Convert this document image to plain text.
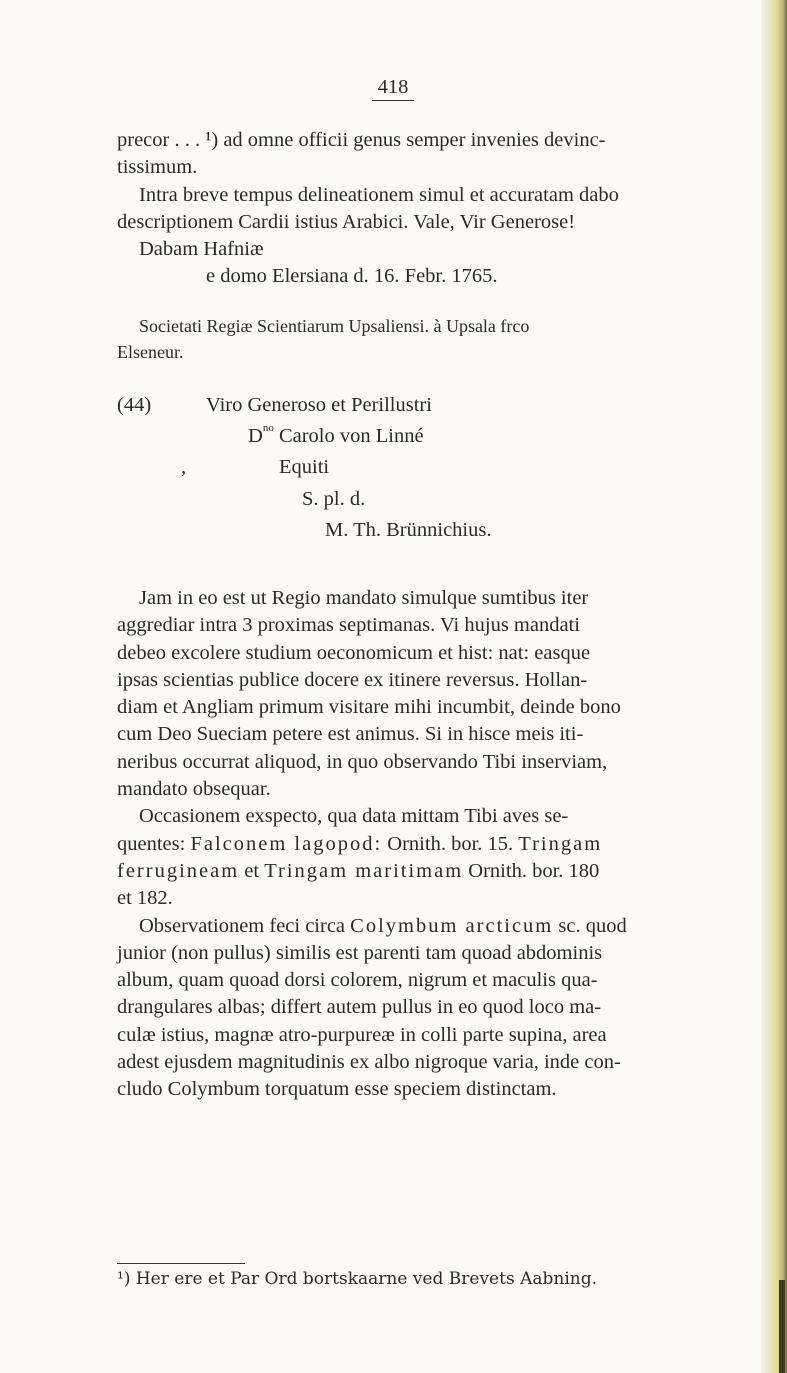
418
precor . . . ¹) ad omne officii genus semper invenies devinc-
tissimum.
Intra breve tempus delineationem simul et accuratam dabo
descriptionem Cardii istius Arabici. Vale, Vir Generose!
Dabam Hafniæ
e domo Elersiana d. 16. Febr. 1765.
Societati Regiæ Scientiarum Upsaliensi. à Upsala frco
Elseneur.
(44)	Viro Generoso et Perillustri
$D^{no}$ Carolo von Linné
,	Equiti
S. pl. d.
M. Th. Brünnichius.
Jam in eo est ut Regio mandato simulque sumtibus iter
aggrediar intra 3 proximas septimanas. Vi hujus mandati
debeo excolere studium oeconomicum et hist: nat: easque
ipsas scientias publice docere ex itinere reversus. Hollan-
diam et Angliam primum visitare mihi incumbit, deinde bono
cum Deo Sueciam petere est animus. Si in hisce meis iti-
neribus occurrat aliquod, in quo observando Tibi inserviam,
mandato obsequar.
Occasionem exspecto, qua data mittam Tibi aves se-
quentes: Falconem lagopod: Ornith. bor. 15. Tringam
ferrugineam et Tringam maritimam Ornith. bor. 180
et 182.
Observationem feci circa Colymbum arcticum sc. quod
junior (non pullus) similis est parenti tam quoad abdominis
album, quam quoad dorsi colorem, nigrum et maculis qua-
drangulares albas; differt autem pullus in eo quod loco ma-
culæ istius, magnæ atro-purpureæ in colli parte supina, area
adest ejusdem magnitudinis ex albo nigroque varia, inde con-
cludo Colymbum torquatum esse speciem distinctam.
¹) Her ere et Par Ord bortskaarne ved Brevets Aabning.
